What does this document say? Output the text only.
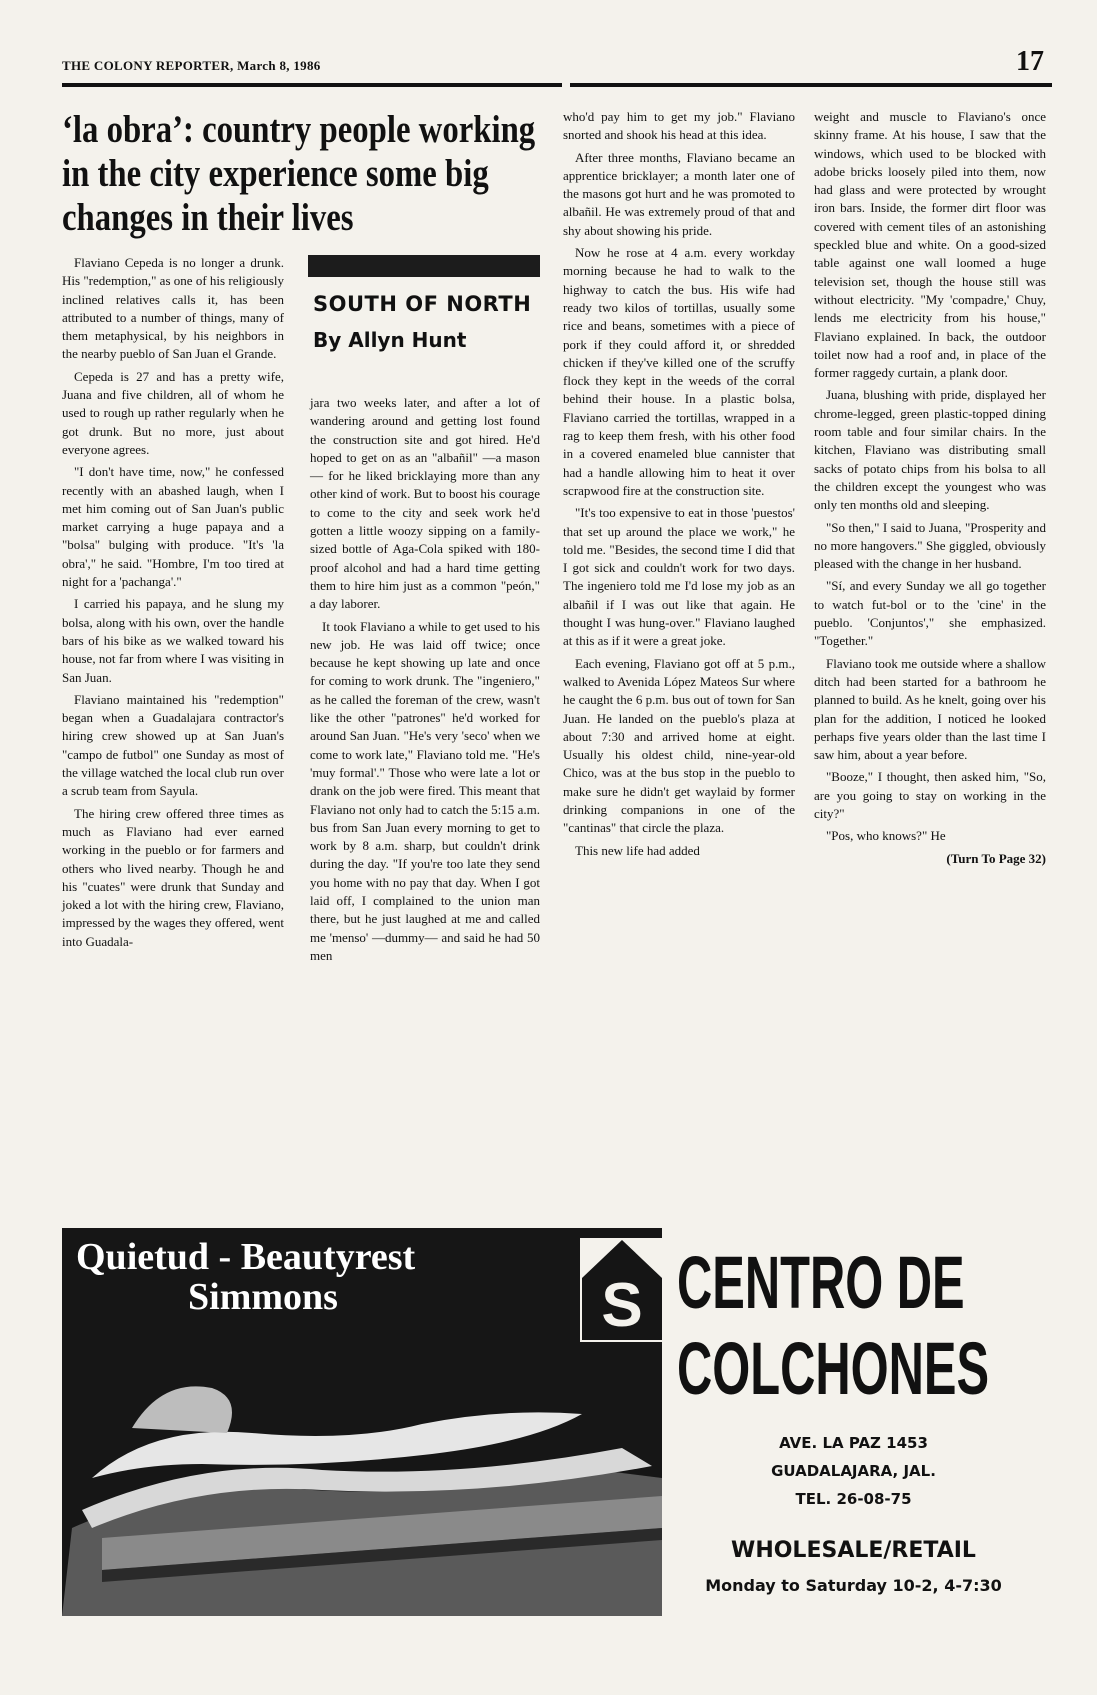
THE COLONY REPORTER, March 8, 1986	17
‘la obra’: country people working in the city experience some big changes in their lives
SOUTH OF NORTH
By Allyn Hunt

Flaviano Cepeda is no longer a drunk. His "redemption," as one of his religiously inclined relatives calls it, has been attributed to a number of things, many of them metaphysical, by his neighbors in the nearby pueblo of San Juan el Grande.

Cepeda is 27 and has a pretty wife, Juana and five children, all of whom he used to rough up rather regularly when he got drunk. But no more, just about everyone agrees.

"I don't have time, now," he confessed recently with an abashed laugh, when I met him coming out of San Juan's public market carrying a huge papaya and a "bolsa" bulging with produce. "It's 'la obra'," he said. "Hombre, I'm too tired at night for a 'pachanga'."

I carried his papaya, and he slung my bolsa, along with his own, over the handle bars of his bike as we walked toward his house, not far from where I was visiting in San Juan.

Flaviano maintained his "redemption" began when a Guadalajara contractor's hiring crew showed up at San Juan's "campo de futbol" one Sunday as most of the village watched the local club run over a scrub team from Sayula.

The hiring crew offered three times as much as Flaviano had ever earned working in the pueblo or for farmers and others who lived nearby. Though he and his "cuates" were drunk that Sunday and joked a lot with the hiring crew, Flaviano, impressed by the wages they offered, went into Guadala-

jara two weeks later, and after a lot of wandering around and getting lost found the construction site and got hired. He'd hoped to get on as an "albañil" —a mason— for he liked bricklaying more than any other kind of work. But to boost his courage to come to the city and seek work he'd gotten a little woozy sipping on a family-sized bottle of Aga-Cola spiked with 180-proof alcohol and had a hard time getting them to hire him just as a common "peón," a day laborer.

It took Flaviano a while to get used to his new job. He was laid off twice; once because he kept showing up late and once for coming to work drunk. The "ingeniero," as he called the foreman of the crew, wasn't like the other "patrones" he'd worked for around San Juan. "He's very 'seco' when we come to work late," Flaviano told me. "He's 'muy formal'." Those who were late a lot or drank on the job were fired. This meant that Flaviano not only had to catch the 5:15 a.m. bus from San Juan every morning to get to work by 8 a.m. sharp, but couldn't drink during the day. "If you're too late they send you home with no pay that day. When I got laid off, I complained to the union man there, but he just laughed at me and called me 'menso' —dummy— and said he had 50 men

who'd pay him to get my job." Flaviano snorted and shook his head at this idea.

After three months, Flaviano became an apprentice bricklayer; a month later one of the masons got hurt and he was promoted to albañil. He was extremely proud of that and shy about showing his pride.

Now he rose at 4 a.m. every workday morning because he had to walk to the highway to catch the bus. His wife had ready two kilos of tortillas, usually some rice and beans, sometimes with a piece of pork if they could afford it, or shredded chicken if they've killed one of the scruffy flock they kept in the weeds of the corral behind their house. In a plastic bolsa, Flaviano carried the tortillas, wrapped in a rag to keep them fresh, with his other food in a covered enameled blue cannister that had a handle allowing him to heat it over scrapwood fire at the construction site.

"It's too expensive to eat in those 'puestos' that set up around the place we work," he told me. "Besides, the second time I did that I got sick and couldn't work for two days. The ingeniero told me I'd lose my job as an albañil if I was out like that again. He thought I was hung-over." Flaviano laughed at this as if it were a great joke.

Each evening, Flaviano got off at 5 p.m., walked to Avenida López Mateos Sur where he caught the 6 p.m. bus out of town for San Juan. He landed on the pueblo's plaza at about 7:30 and arrived home at eight. Usually his oldest child, nine-year-old Chico, was at the bus stop in the pueblo to make sure he didn't get waylaid by former drinking companions in one of the "cantinas" that circle the plaza.

This new life had added

weight and muscle to Flaviano's once skinny frame. At his house, I saw that the windows, which used to be blocked with adobe bricks loosely piled into them, now had glass and were protected by wrought iron bars. Inside, the former dirt floor was covered with cement tiles of an astonishing speckled blue and white. On a good-sized table against one wall loomed a huge television set, though the house still was without electricity. "My 'compadre,' Chuy, lends me electricity from his house," Flaviano explained. In back, the outdoor toilet now had a roof and, in place of the former raggedy curtain, a plank door.

Juana, blushing with pride, displayed her chrome-legged, green plastic-topped dining room table and four similar chairs. In the kitchen, Flaviano was distributing small sacks of potato chips from his bolsa to all the children except the youngest who was only ten months old and sleeping.

"So then," I said to Juana, "Prosperity and no more hangovers." She giggled, obviously pleased with the change in her husband.

"Sí, and every Sunday we all go together to watch fut-bol or to the 'cine' in the pueblo. 'Conjuntos'," she emphasized. "Together."

Flaviano took me outside where a shallow ditch had been started for a bathroom he planned to build. As he knelt, going over his plan for the addition, I noticed he looked perhaps five years older than the last time I saw him, about a year before.

"Booze," I thought, then asked him, "So, are you going to stay on working in the city?"

"Pos, who knows?" He

(Turn To Page 32)
Quietud - Beautyrest
Simmons	S CENTRO DE
COLCHONES
AVE. LA PAZ 1453
GUADALAJARA, JAL.
TEL. 26-08-75
WHOLESALE/RETAIL
Monday to Saturday 10-2, 4-7:30
